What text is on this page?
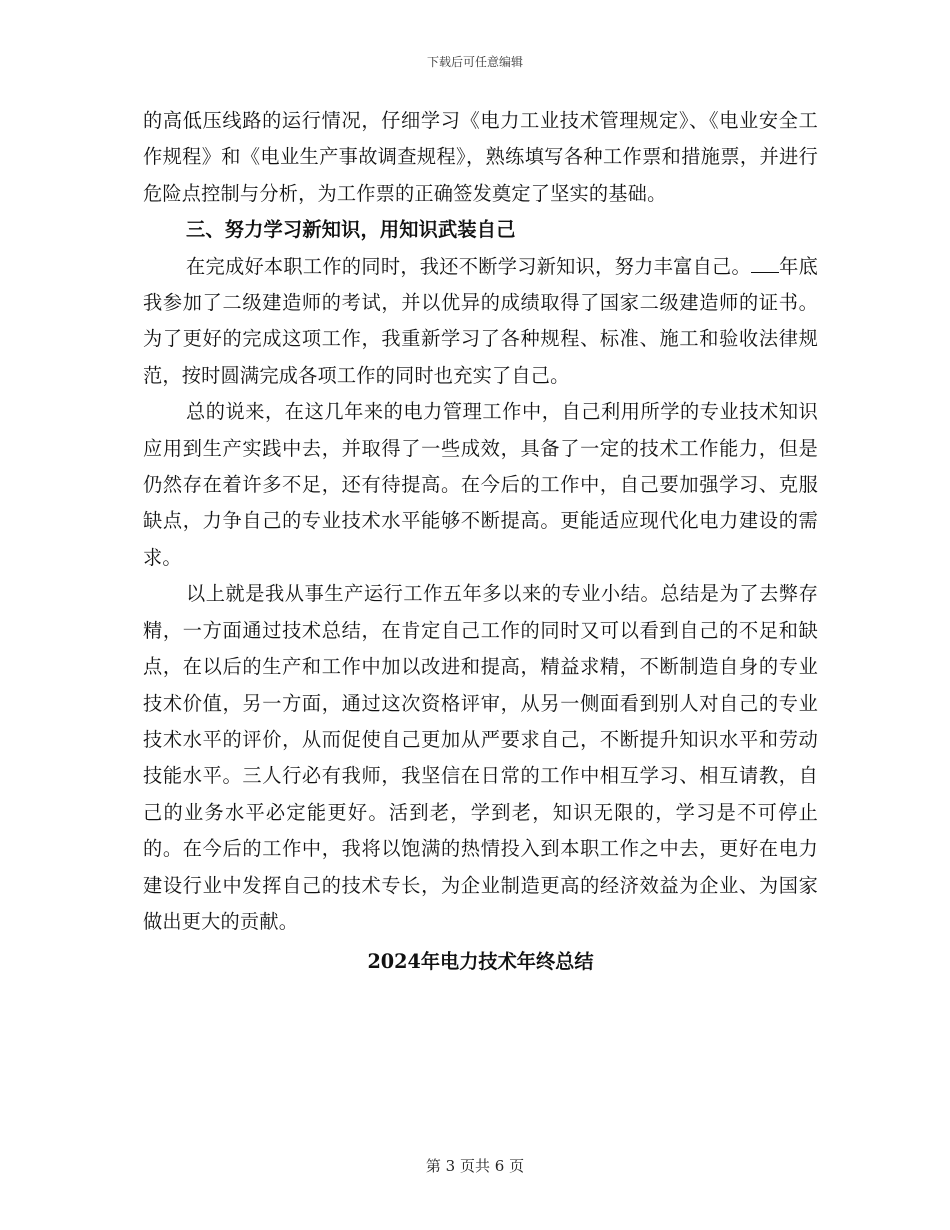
下载后可任意编辑

的高低压线路的运行情况，仔细学习《电力工业技术管理规定》、《电业安全工作规程》和《电业生产事故调查规程》，熟练填写各种工作票和措施票，并进行危险点控制与分析，为工作票的正确签发奠定了坚实的基础。

三、努力学习新知识，用知识武装自己

在完成好本职工作的同时，我还不断学习新知识，努力丰富自己。 年底我参加了二级建造师的考试，并以优异的成绩取得了国家二级建造师的证书。为了更好的完成这项工作，我重新学习了各种规程、标准、施工和验收法律规范，按时圆满完成各项工作的同时也充实了自己。

总的说来，在这几年来的电力管理工作中，自己利用所学的专业技术知识应用到生产实践中去，并取得了一些成效，具备了一定的技术工作能力，但是仍然存在着许多不足，还有待提高。在今后的工作中，自己要加强学习、克服缺点，力争自己的专业技术水平能够不断提高。更能适应现代化电力建设的需求。

以上就是我从事生产运行工作五年多以来的专业小结。总结是为了去弊存精，一方面通过技术总结，在肯定自己工作的同时又可以看到自己的不足和缺点，在以后的生产和工作中加以改进和提高，精益求精，不断制造自身的专业技术价值，另一方面，通过这次资格评审，从另一侧面看到别人对自己的专业技术水平的评价，从而促使自己更加从严要求自己，不断提升知识水平和劳动技能水平。三人行必有我师，我坚信在日常的工作中相互学习、相互请教，自己的业务水平必定能更好。活到老，学到老，知识无限的，学习是不可停止的。在今后的工作中，我将以饱满的热情投入到本职工作之中去，更好在电力建设行业中发挥自己的技术专长，为企业制造更高的经济效益为企业、为国家做出更大的贡献。

2024年电力技术年终总结

第 3 页共 6 页
